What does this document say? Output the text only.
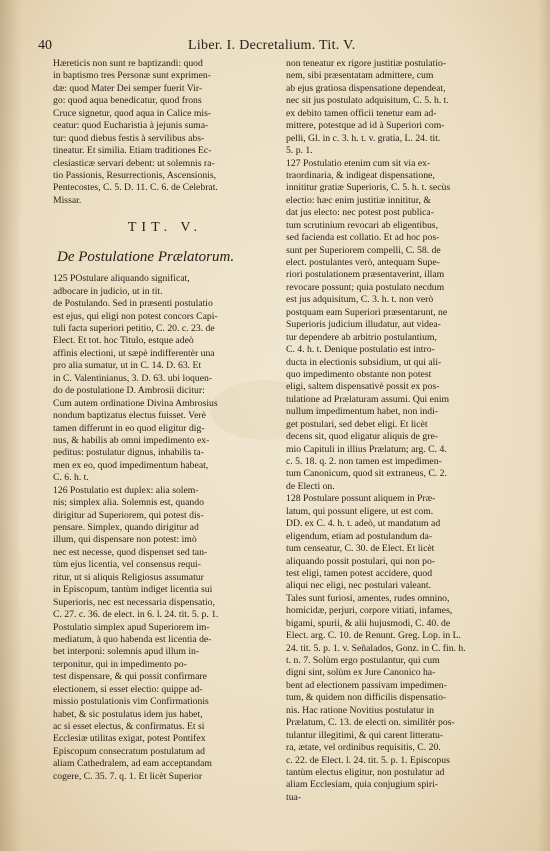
40	Liber. I. Decretalium. Tit. V.
Hæreticis non sunt re baptizandi: quod
in baptismo tres Personæ sunt exprimen-
dæ: quod Mater Dei semper fuerit Vir-
go: quod aqua benedicatur, quod frons
Cruce signetur, quod aqua in Calice mis-
ceatur: quod Eucharistia à jejunis suma-
tur: quod diebus festis à servilibus abs-
tineatur. Et similia. Etiam traditiones Ec-
clesiasticæ servari debent: ut solemnis ra-
tio Passionis, Resurrectionis, Ascensionis,
Pentecostes, C. 5. D. 11. C. 6. de Celebrat.
Missar.
TIT. V.
De Postulatione Prælatorum.
125 POstulare aliquando significat,
adbocare in judicio, ut in tit.
de Postulando. Sed in præsenti postulatio
est ejus, qui eligi non potest concors Capi-
tuli facta superiori petitio, C. 20. c. 23. de
Elect. Et tot. hoc Titulo, estque adeò
affinis electioni, ut sæpè indifferentèr una
pro alia sumatur, ut in C. 14. D. 63. Et
in C. Valentinianus, 3. D. 63. ubi loquen-
do de postulatione D. Ambrosii dicitur:
Cum autem ordinatione Divina Ambrosius
nondum baptizatus electus fuisset. Verè
tamen differunt in eo quod eligitur dig-
nus, & habilis ab omni impedimento ex-
peditus: postulatur dignus, inhabilis ta-
men ex eo, quod impedimentum habeat,
C. 6. h. t.
126 Postulatio est duplex: alia solem-
nis; simplex alia. Solemnis est, quando
dirigitur ad Superiorem, qui potest dis-
pensare. Simplex, quando dirigitur ad
illum, qui dispensare non potest: imò
nec est necesse, quod dispenset sed tan-
tùm ejus licentia, vel consensus requi-
ritur, ut si aliquis Religiosus assumatur
in Episcopum, tantùm indiget licentia sui
Superioris, nec est necessaria dispensatio,
C. 27. c. 36. de elect. in 6. l. 24. tit. 5. p. 1.
Postulatio simplex apud Superiorem im-
mediatum, à quo habenda est licentia de-
bet interponi: solemnis apud illum in-
terponitur, qui in impedimento po-
test dispensare, & qui possit confirmare
electionem, si esset electio: quippe ad-
missio postulationis vim Confirmationis
habet, & sic postulatus idem jus habet,
ac si esset electus, & confirmatus. Et si
Ecclesiæ utilitas exigat, potest Pontifex
Episcopum consecratum postulatum ad
aliam Cathedralem, ad eam acceptandam
cogere, C. 35. 7. q. 1. Et licèt Superior
non teneatur ex rigore justitiæ postulatio-
nem, sibi præsentatam admittere, cum
ab ejus gratiosa dispensatione dependeat,
nec sit jus postulato adquisitum, C. 5. h. t.
ex debito tamen officii tenetur eam ad-
mittere, potestque ad id à Superiori com-
pelli, Gl. in c. 3. h. t. v. gratia, L. 24. tit.
5. p. 1.
127 Postulatio etenim cum sit via ex-
traordinaria, & indigeat dispensatione,
innititur gratiæ Superioris, C. 5. h. t. secùs
electio: hæc enim justitiæ innititur, &
dat jus electo: nec potest post publica-
tum scrutinium revocari ab eligentibus,
sed facienda est collatio. Et ad hoc pos-
sunt per Superiorem compelli, C. 58. de
elect. postulantes verò, antequam Supe-
riori postulationem præsentaverint, illam
revocare possunt; quia postulato necdum
est jus adquisitum, C. 3. h. t. non verò
postquam eam Superiori præsentarunt, ne
Superioris judicium illudatur, aut videa-
tur dependere ab arbitrio postulantium,
C. 4. h. t. Denique postulatio est intro-
ducta in electionis subsidium, ut qui ali-
quo impedimento obstante non potest
eligi, saltem dispensativè possit ex pos-
tulatione ad Prælaturam assumi. Qui enim
nullum impedimentum habet, non indi-
get postulari, sed debet eligi. Et licèt
decens sit, quod eligatur aliquis de gre-
mio Capituli in illius Prælatum; arg. C. 4.
c. 5. 18. q. 2. non tamen est impedimen-
tum Canonicum, quod sit extraneus, C. 2.
de Electi on.
128 Postulare possunt aliquem in Præ-
latum, qui possunt eligere, ut est com.
DD. ex C. 4. h. t. adeò, ut mandatum ad
eligendum, etiam ad postulandum da-
tum censeatur, C. 30. de Elect. Et licèt
aliquando possit postulari, qui non po-
test eligi, tamen potest accidere, quod
aliqui nec eligi, nec postulari valeant.
Tales sunt furiosi, amentes, rudes omnino,
homicidæ, perjuri, corpore vitiati, infames,
bigami, spurii, & alii hujusmodi, C. 40. de
Elect. arg. C. 10. de Renunt. Greg. Lop. in L.
24. tit. 5. p. 1. v. Señalados, Gonz. in C. fin. h.
t. n. 7. Solùm ergo postulantur, qui cum
digni sint, solùm ex Jure Canonico ha-
bent ad electionem passivam impedimen-
tum, & quidem non difficilis dispensatio-
nis. Hac ratione Novitius postulatur in
Prælatum, C. 13. de electi on. similitèr pos-
tulantur illegitimi, & qui carent litteratu-
ra, ætate, vel ordinibus requisitis, C. 20.
c. 22. de Elect. l. 24. tit. 5. p. 1. Episcopus
tantùm electus eligitur, non postulatur ad
aliam Ecclesiam, quia conjugium spiri-
tua-
